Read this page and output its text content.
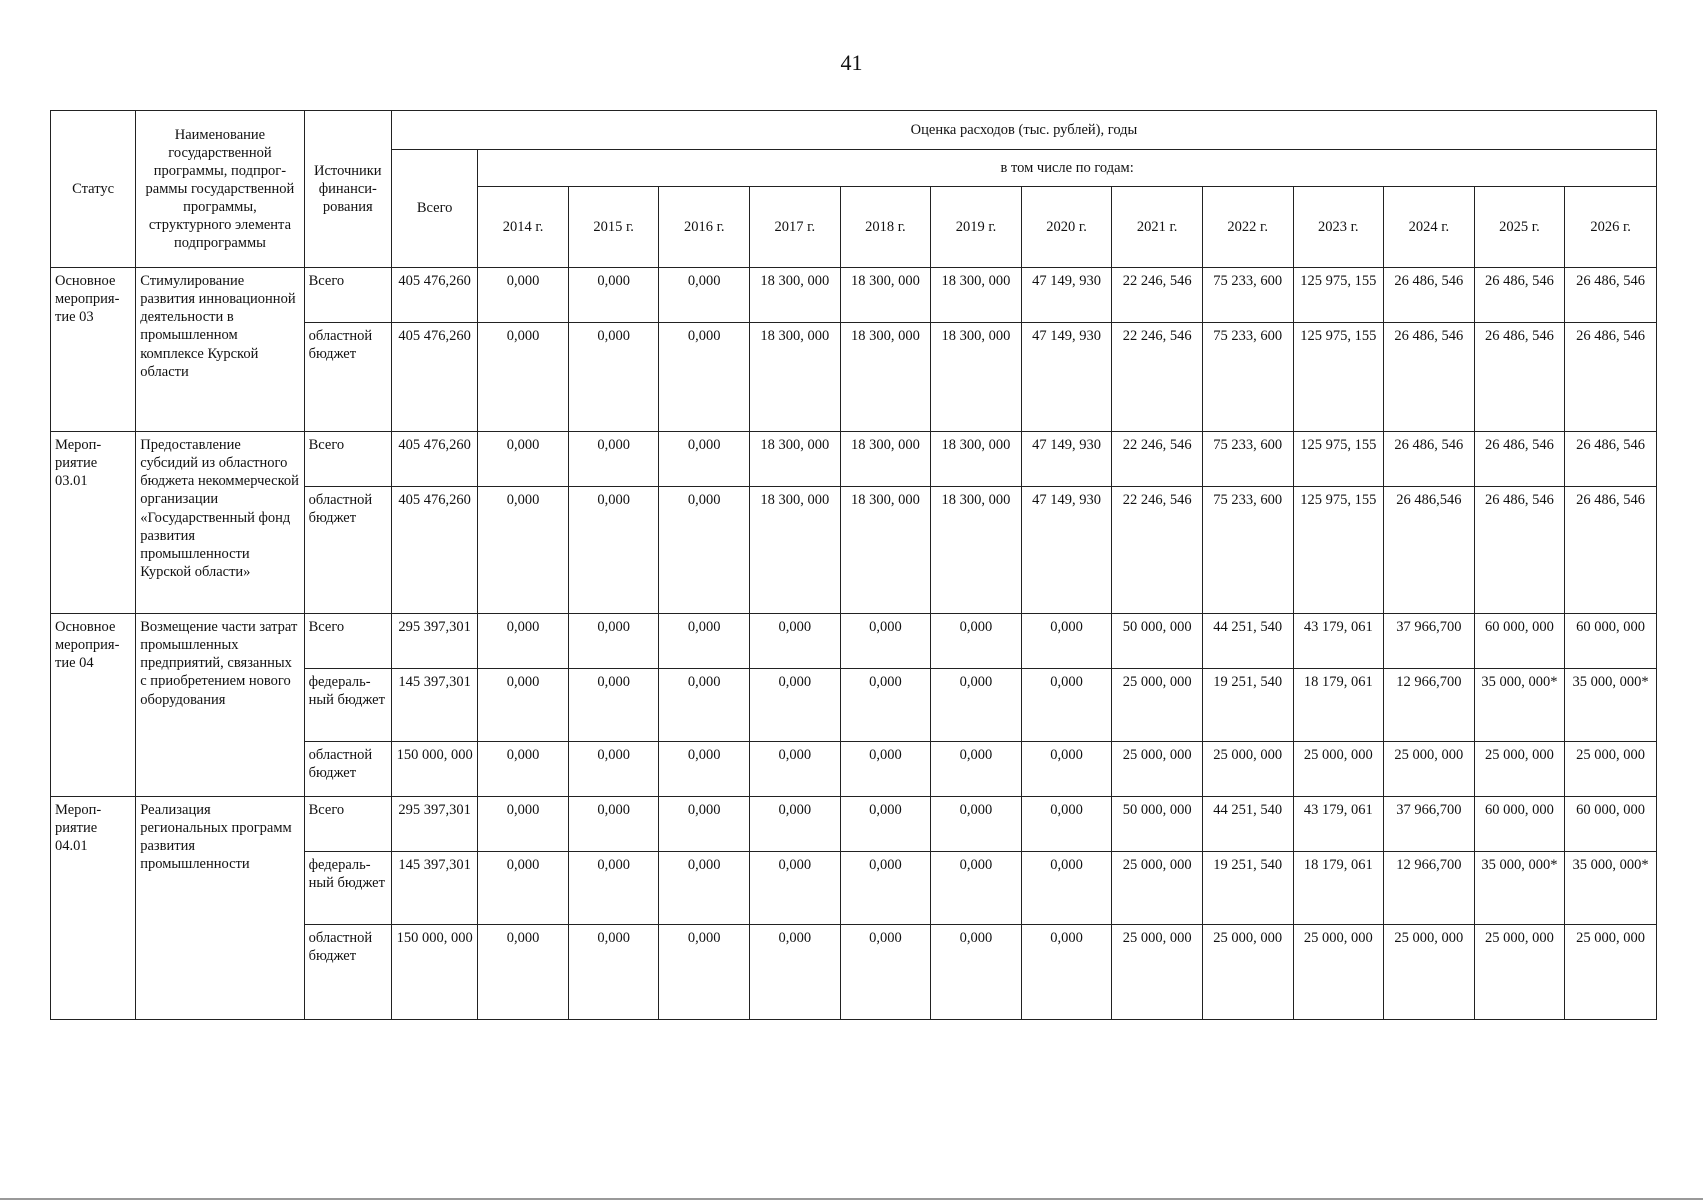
41
Статус	Наименование государственной программы, подпрограммы государственной программы, структурного элемента подпрограммы	Источники финансирования	Оценка расходов (тыс. рублей), годы													
			Всего	в том числе по годам:												
				2014 г.	2015 г.	2016 г.	2017 г.	2018 г.	2019 г.	2020 г.	2021 г.	2022 г.	2023 г.	2024 г.	2025 г.	2026 г.
Основное мероприятие 03	Стимулирование развития инновационной деятельности в промышленном комплексе Курской области	Всего	405 476,260	0,000	0,000	0,000	18 300, 000	18 300, 000	18 300, 000	47 149, 930	22 246, 546	75 233, 600	125 975, 155	26 486, 546	26 486, 546	26 486, 546
		областной бюджет	405 476,260	0,000	0,000	0,000	18 300, 000	18 300, 000	18 300, 000	47 149, 930	22 246, 546	75 233, 600	125 975, 155	26 486, 546	26 486, 546	26 486, 546
Мероприятие 03.01	Предоставление субсидий из областного бюджета некоммерческой организации «Государственный фонд развития промышленности Курской области»	Всего	405 476,260	0,000	0,000	0,000	18 300, 000	18 300, 000	18 300, 000	47 149, 930	22 246, 546	75 233, 600	125 975, 155	26 486, 546	26 486, 546	26 486, 546
		областной бюджет	405 476,260	0,000	0,000	0,000	18 300, 000	18 300, 000	18 300, 000	47 149, 930	22 246, 546	75 233, 600	125 975, 155	26 486,546	26 486, 546	26 486, 546
Основное мероприятие 04	Возмещение части затрат промышленных предприятий, связанных с приобретением нового оборудования	Всего	295 397,301	0,000	0,000	0,000	0,000	0,000	0,000	0,000	50 000, 000	44 251, 540	43 179, 061	37 966,700	60 000, 000	60 000, 000
		федеральный бюджет	145 397,301	0,000	0,000	0,000	0,000	0,000	0,000	0,000	25 000, 000	19 251, 540	18 179, 061	12 966,700	35 000, 000*	35 000, 000*
		областной бюджет	150 000, 000	0,000	0,000	0,000	0,000	0,000	0,000	0,000	25 000, 000	25 000, 000	25 000, 000	25 000, 000	25 000, 000	25 000, 000
Мероприятие 04.01	Реализация региональных программ развития промышленности	Всего	295 397,301	0,000	0,000	0,000	0,000	0,000	0,000	0,000	50 000, 000	44 251, 540	43 179, 061	37 966,700	60 000, 000	60 000, 000
		федеральный бюджет	145 397,301	0,000	0,000	0,000	0,000	0,000	0,000	0,000	25 000, 000	19 251, 540	18 179, 061	12 966,700	35 000, 000*	35 000, 000*
		областной бюджет	150 000, 000	0,000	0,000	0,000	0,000	0,000	0,000	0,000	25 000, 000	25 000, 000	25 000, 000	25 000, 000	25 000, 000	25 000, 000
